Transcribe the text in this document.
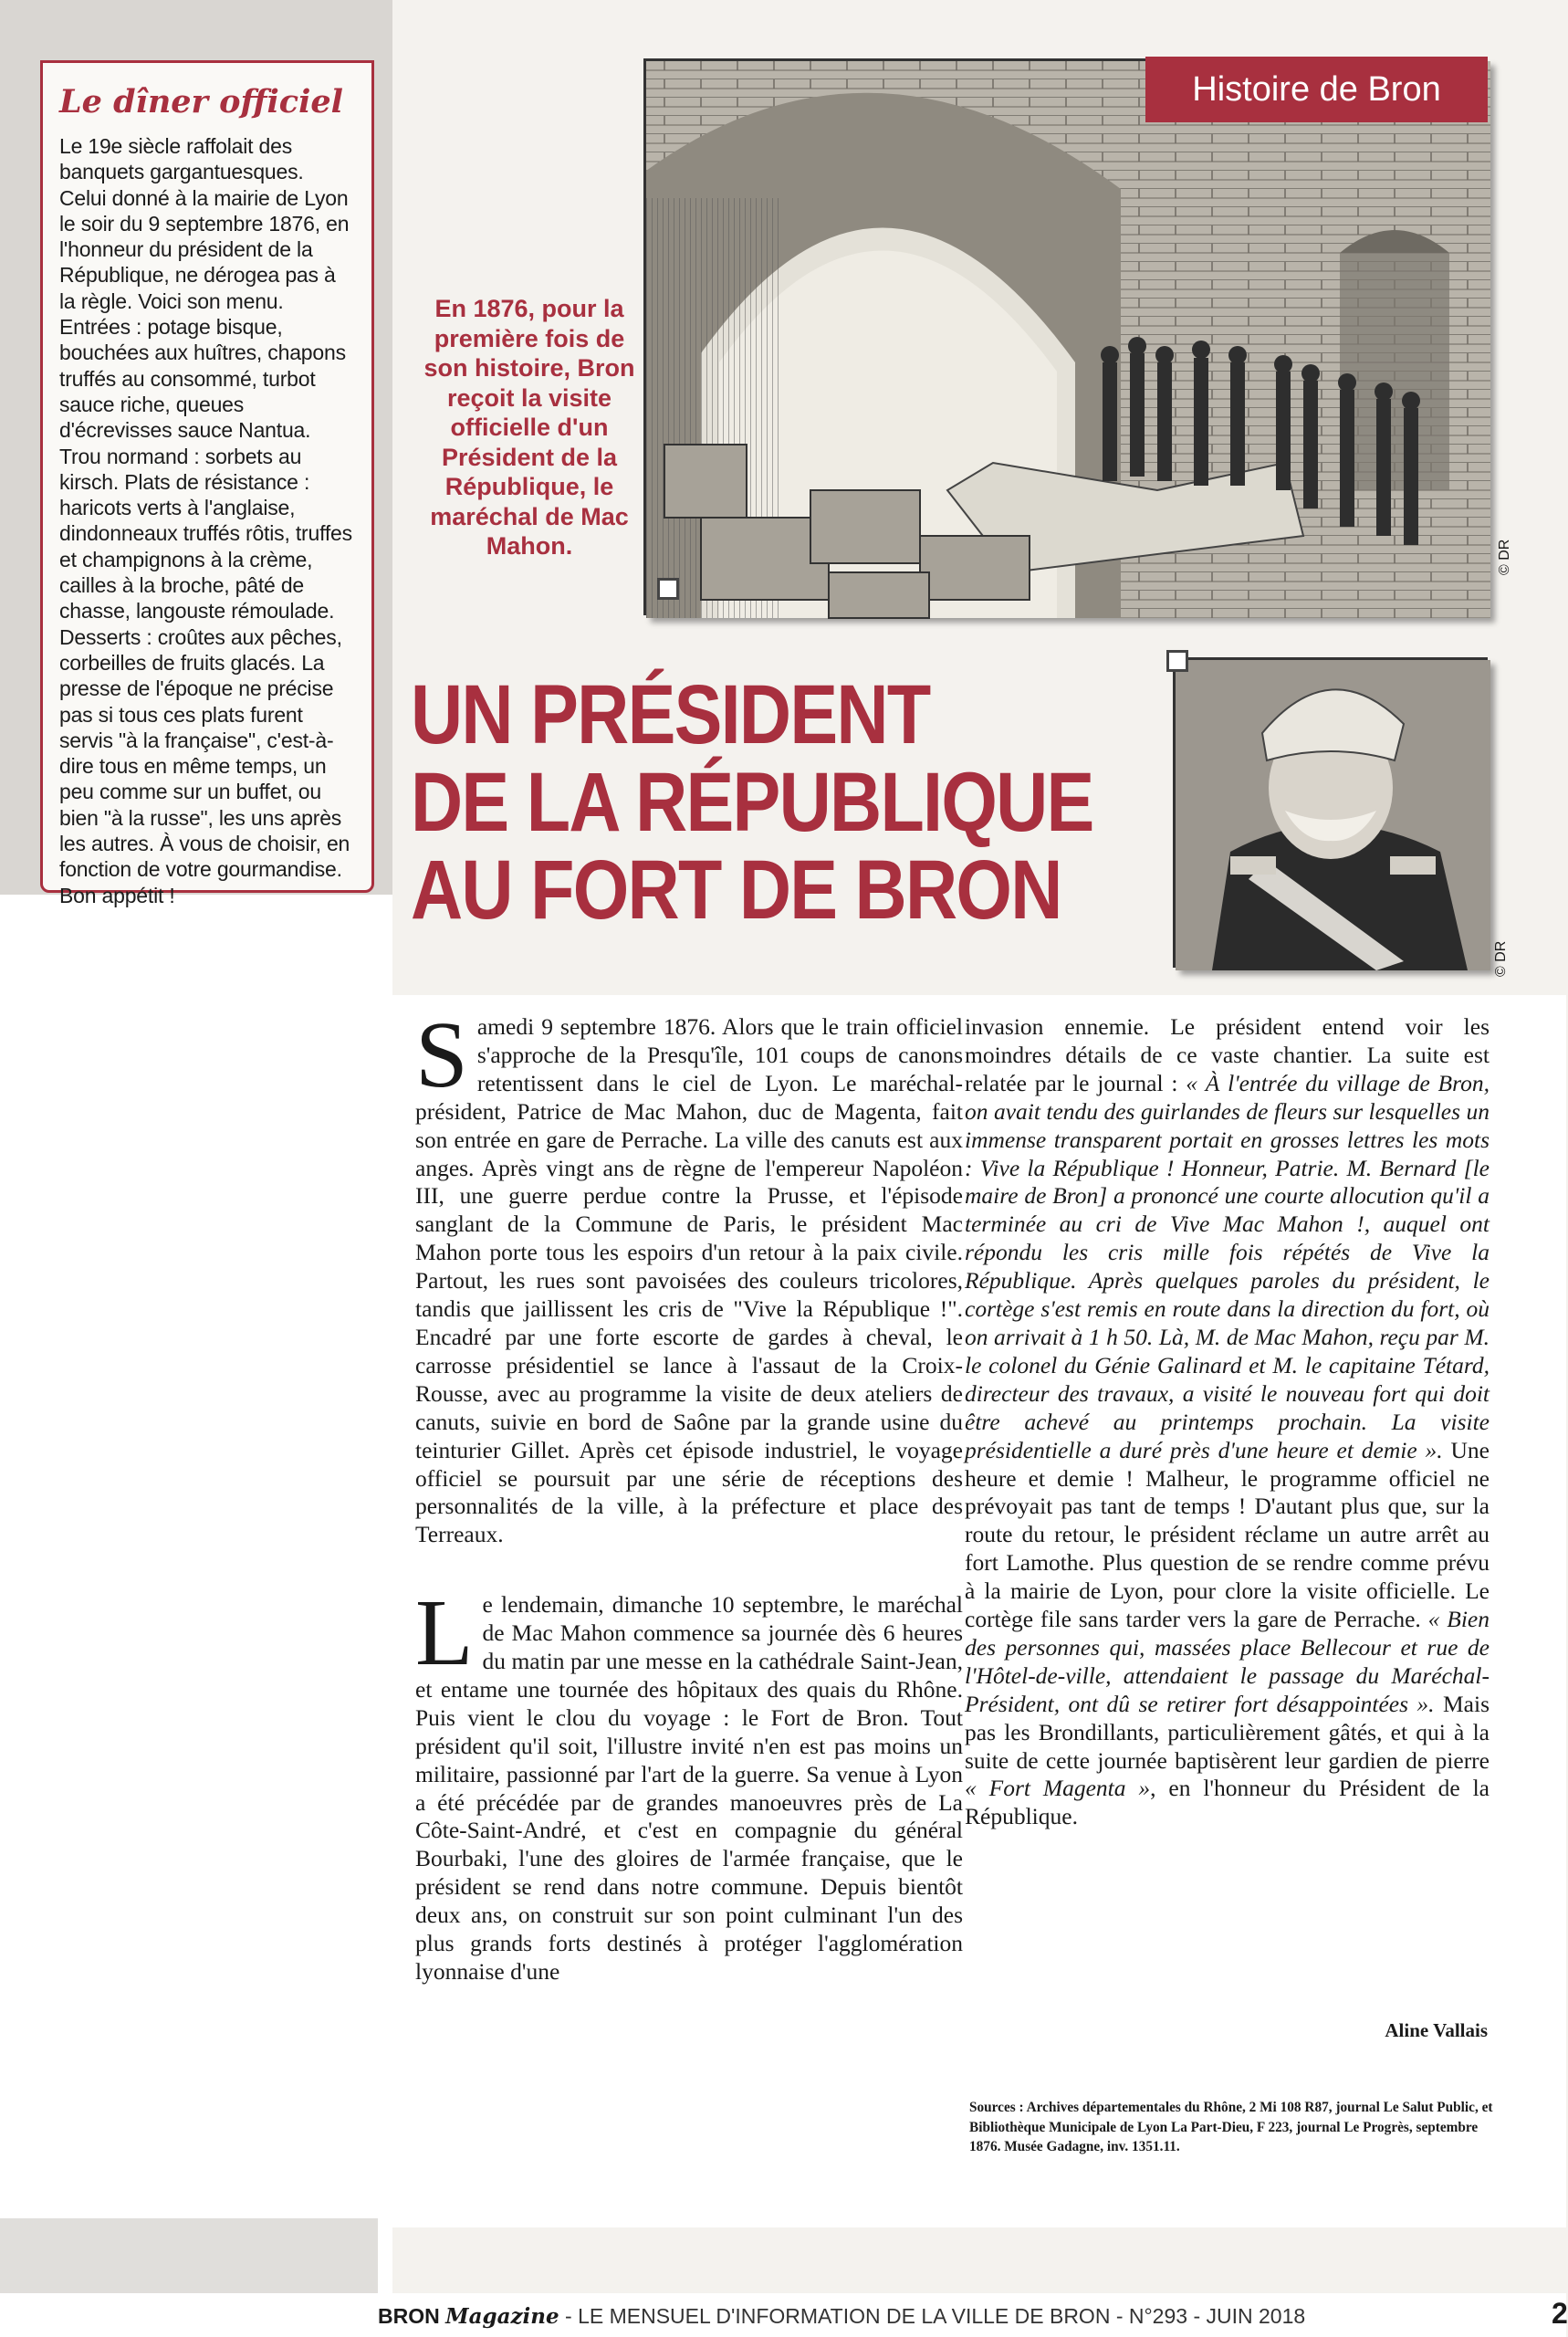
Le dîner officiel

Le 19e siècle raffolait des banquets gargantuesques. Celui donné à la mairie de Lyon le soir du 9 septembre 1876, en l'honneur du président de la République, ne dérogea pas à la règle. Voici son menu. Entrées : potage bisque, bouchées aux huîtres, chapons truffés au consommé, turbot sauce riche, queues d'écrevisses sauce Nantua. Trou normand : sorbets au kirsch. Plats de résistance : haricots verts à l'anglaise, dindonneaux truffés rôtis, truffes et champignons à la crème, cailles à la broche, pâté de chasse, langouste rémoulade. Desserts : croûtes aux pêches, corbeilles de fruits glacés. La presse de l'époque ne précise pas si tous ces plats furent servis "à la française", c'est-à-dire tous en même temps, un peu comme sur un buffet, ou bien "à la russe", les uns après les autres. À vous de choisir, en fonction de votre gourmandise. Bon appétit !

Histoire de Bron
© DR
En 1876, pour la première fois de son histoire, Bron reçoit la visite officielle d'un Président de la République, le maréchal de Mac Mahon.
© DR
UN PRÉSIDENT
DE LA RÉPUBLIQUE
AU FORT DE BRON

Samedi 9 septembre 1876. Alors que le train officiel s'approche de la Presqu'île, 101 coups de canons retentissent dans le ciel de Lyon. Le maréchal-président, Patrice de Mac Mahon, duc de Magenta, fait son entrée en gare de Perrache. La ville des canuts est aux anges. Après vingt ans de règne de l'empereur Napoléon III, une guerre perdue contre la Prusse, et l'épisode sanglant de la Commune de Paris, le président Mac Mahon porte tous les espoirs d'un retour à la paix civile. Partout, les rues sont pavoisées des couleurs tricolores, tandis que jaillissent les cris de "Vive la République !". Encadré par une forte escorte de gardes à cheval, le carrosse présidentiel se lance à l'assaut de la Croix-Rousse, avec au programme la visite de deux ateliers de canuts, suivie en bord de Saône par la grande usine du teinturier Gillet. Après cet épisode industriel, le voyage officiel se poursuit par une série de réceptions des personnalités de la ville, à la préfecture et place des Terreaux.

Le lendemain, dimanche 10 septembre, le maréchal de Mac Mahon commence sa journée dès 6 heures du matin par une messe en la cathédrale Saint-Jean, et entame une tournée des hôpitaux des quais du Rhône. Puis vient le clou du voyage : le Fort de Bron. Tout président qu'il soit, l'illustre invité n'en est pas moins un militaire, passionné par l'art de la guerre. Sa venue à Lyon a été précédée par de grandes manoeuvres près de La Côte-Saint-André, et c'est en compagnie du général Bourbaki, l'une des gloires de l'armée française, que le président se rend dans notre commune. Depuis bientôt deux ans, on construit sur son point culminant l'un des plus grands forts destinés à protéger l'agglomération lyonnaise d'une

invasion ennemie. Le président entend voir les moindres détails de ce vaste chantier. La suite est relatée par le journal : « À l'entrée du village de Bron, on avait tendu des guirlandes de fleurs sur lesquelles un immense transparent portait en grosses lettres les mots : Vive la République ! Honneur, Patrie. M. Bernard [le maire de Bron] a prononcé une courte allocution qu'il a terminée au cri de Vive Mac Mahon !, auquel ont répondu les cris mille fois répétés de Vive la République. Après quelques paroles du président, le cortège s'est remis en route dans la direction du fort, où on arrivait à 1 h 50. Là, M. de Mac Mahon, reçu par M. le colonel du Génie Galinard et M. le capitaine Tétard, directeur des travaux, a visité le nouveau fort qui doit être achevé au printemps prochain. La visite présidentielle a duré près d'une heure et demie ». Une heure et demie ! Malheur, le programme officiel ne prévoyait pas tant de temps ! D'autant plus que, sur la route du retour, le président réclame un autre arrêt au fort Lamothe. Plus question de se rendre comme prévu à la mairie de Lyon, pour clore la visite officielle. Le cortège file sans tarder vers la gare de Perrache. « Bien des personnes qui, massées place Bellecour et rue de l'Hôtel-de-ville, attendaient le passage du Maréchal-Président, ont dû se retirer fort désappointées ». Mais pas les Brondillants, particulièrement gâtés, et qui à la suite de cette journée baptisèrent leur gardien de pierre « Fort Magenta », en l'honneur du Président de la République.

Aline Vallais
Sources : Archives départementales du Rhône, 2 Mi 108 R87, journal Le Salut Public, et Bibliothèque Municipale de Lyon La Part-Dieu, F 223, journal Le Progrès, septembre 1876. Musée Gadagne, inv. 1351.11.
BRON Magazine - LE MENSUEL D'INFORMATION DE LA VILLE DE BRON - N°293 - JUIN 2018	2
